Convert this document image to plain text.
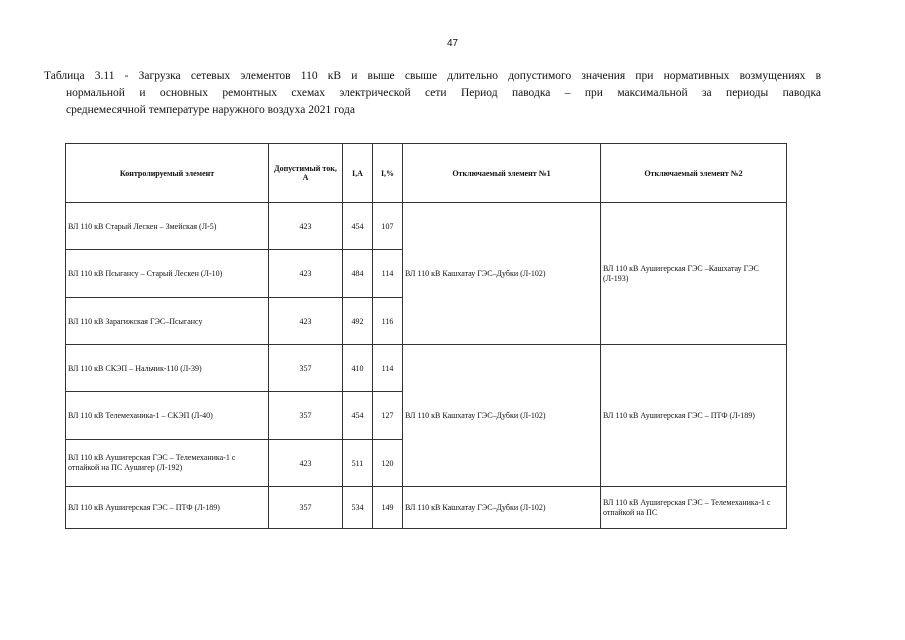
47
Таблица 3.11 - Загрузка сетевых элементов 110 кВ и выше свыше длительно допустимого значения при нормативных возмущениях в
нормальной и основных ремонтных схемах электрической сети Период паводка – при максимальной за периоды паводка
среднемесячной температуре наружного воздуха 2021 года
Контролируемый элемент	Допустимый ток, А	I,A	I,%	Отключаемый элемент №1	Отключаемый элемент №2
ВЛ 110 кВ Старый Лескен – Змейская (Л-5)	423	454	107	ВЛ 110 кВ Кашхатау ГЭС–Дубки (Л-102)	ВЛ 110 кВ Аушигерская ГЭС –Кашхатау ГЭС (Л-193)
ВЛ 110 кВ Псыгансу – Старый Лескен (Л-10)	423	484	114		
ВЛ 110 кВ Зарагижская ГЭС–Псыгансу	423	492	116		
ВЛ 110 кВ СКЭП – Нальчик-110 (Л-39)	357	410	114	ВЛ 110 кВ Кашхатау ГЭС–Дубки (Л-102)	ВЛ 110 кВ Аушигерская ГЭС – ПТФ (Л-189)
ВЛ 110 кВ Телемеханика-1 – СКЭП (Л-40)	357	454	127		
ВЛ 110 кВ Аушигерская ГЭС – Телемеханика-1 с отпайкой на ПС Аушигер (Л-192)	423	511	120		
ВЛ 110 кВ Аушигерская ГЭС – ПТФ (Л-189)	357	534	149	ВЛ 110 кВ Кашхатау ГЭС–Дубки (Л-102)	ВЛ 110 кВ Аушигерская ГЭС – Телемеханика-1 с отпайкой на ПС
